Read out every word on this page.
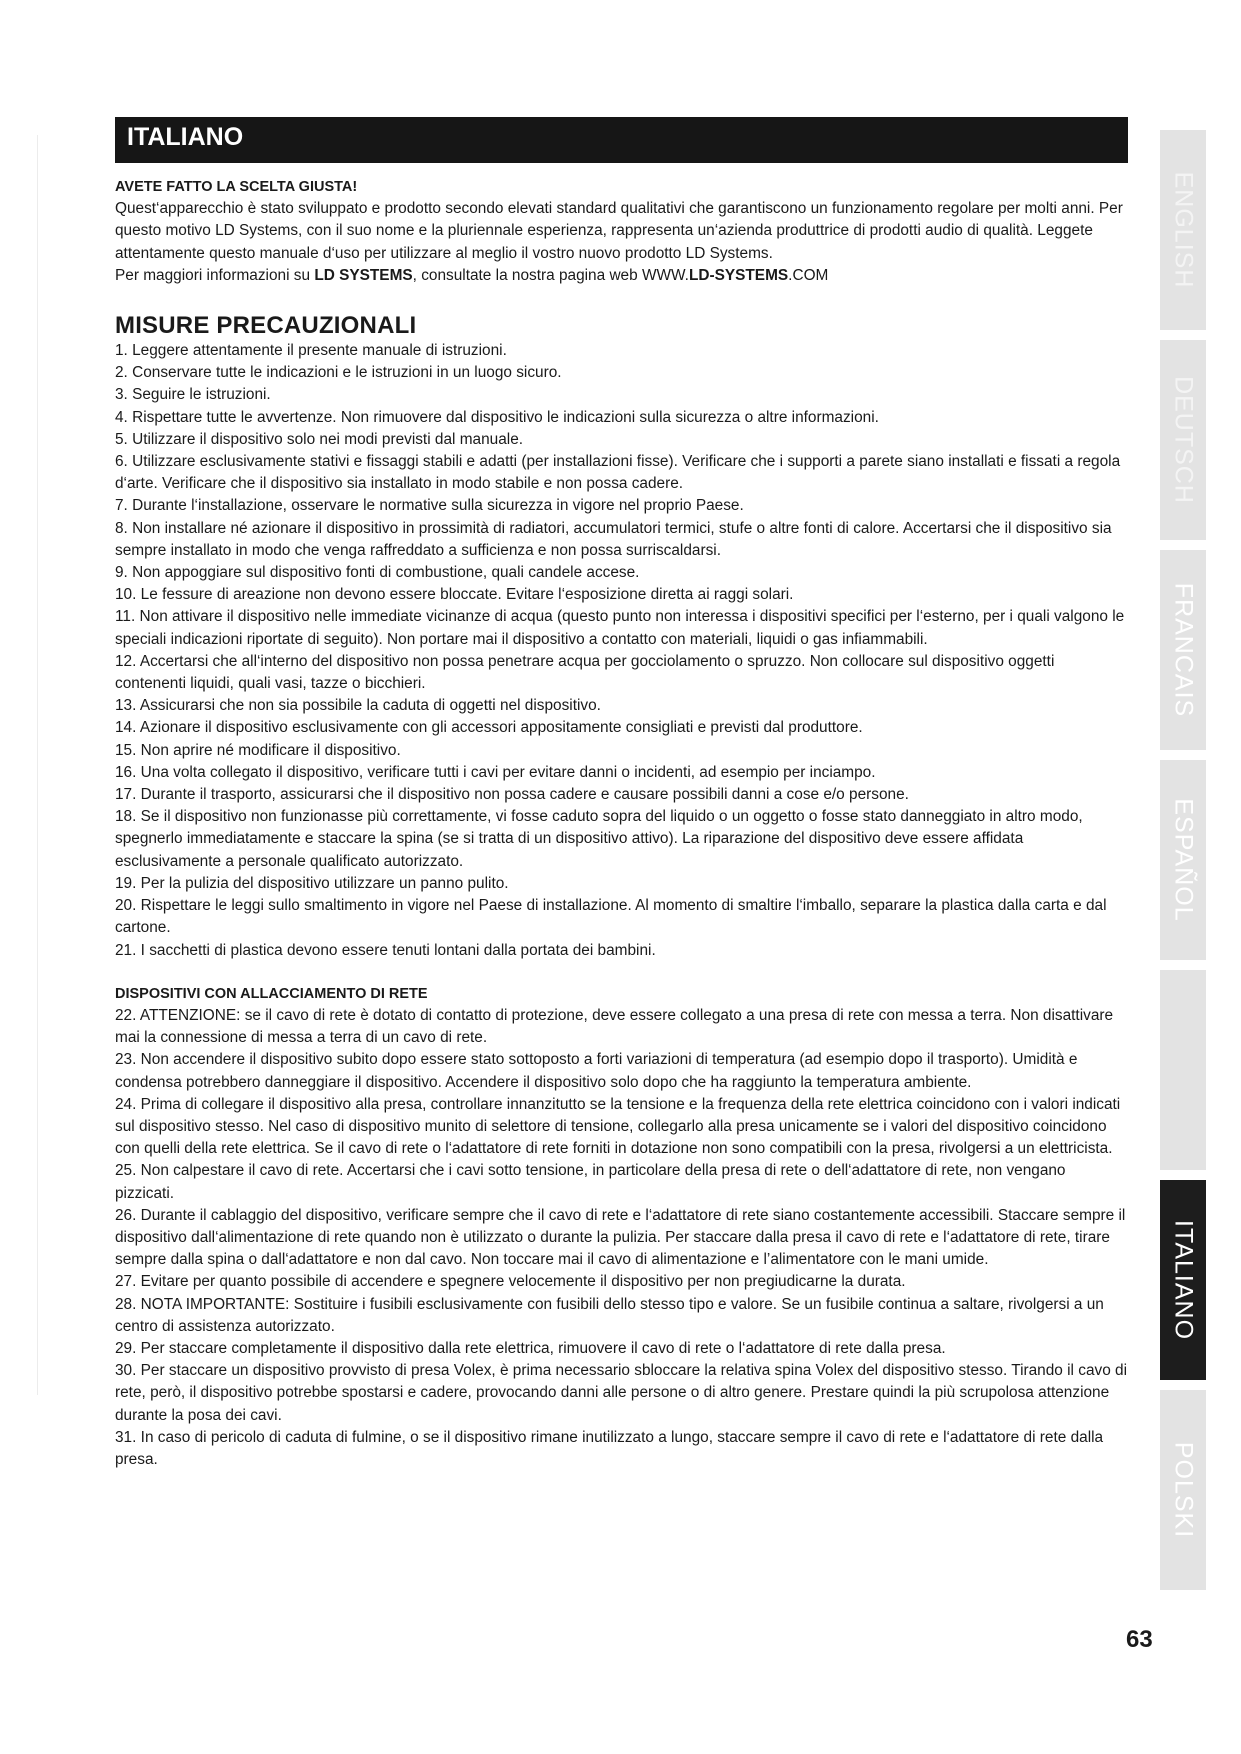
ITALIANO

AVETE FATTO LA SCELTA GIUSTA!

Quest‘apparecchio è stato sviluppato e prodotto secondo elevati standard qualitativi che garantiscono un funzionamento regolare per molti anni. Per questo motivo LD Systems, con il suo nome e la pluriennale esperienza, rappresenta un‘azienda produttrice di prodotti audio di qualità. Leggete attentamente questo manuale d‘uso per utilizzare al meglio il vostro nuovo prodotto LD Systems.

Per maggiori informazioni su LD SYSTEMS, consultate la nostra pagina web WWW.LD-SYSTEMS.COM

MISURE PRECAUZIONALI
1. Leggere attentamente il presente manuale di istruzioni.
2. Conservare tutte le indicazioni e le istruzioni in un luogo sicuro.
3. Seguire le istruzioni.
4. Rispettare tutte le avvertenze. Non rimuovere dal dispositivo le indicazioni sulla sicurezza o altre informazioni.
5. Utilizzare il dispositivo solo nei modi previsti dal manuale.
6. Utilizzare esclusivamente stativi e fissaggi stabili e adatti (per installazioni fisse). Verificare che i supporti a parete siano installati e fissati a regola d‘arte. Verificare che il dispositivo sia installato in modo stabile e non possa cadere.
7. Durante l‘installazione, osservare le normative sulla sicurezza in vigore nel proprio Paese.
8. Non installare né azionare il dispositivo in prossimità di radiatori, accumulatori termici, stufe o altre fonti di calore. Accertarsi che il dispositivo sia sempre installato in modo che venga raffreddato a sufficienza e non possa surriscaldarsi.
9. Non appoggiare sul dispositivo fonti di combustione, quali candele accese.
10. Le fessure di areazione non devono essere bloccate. Evitare l‘esposizione diretta ai raggi solari.
11. Non attivare il dispositivo nelle immediate vicinanze di acqua (questo punto non interessa i dispositivi specifici per l‘esterno, per i quali valgono le speciali indicazioni riportate di seguito). Non portare mai il dispositivo a contatto con materiali, liquidi o gas infiammabili.
12. Accertarsi che all‘interno del dispositivo non possa penetrare acqua per gocciolamento o spruzzo. Non collocare sul dispositivo oggetti contenenti liquidi, quali vasi, tazze o bicchieri.
13. Assicurarsi che non sia possibile la caduta di oggetti nel dispositivo.
14. Azionare il dispositivo esclusivamente con gli accessori appositamente consigliati e previsti dal produttore.
15. Non aprire né modificare il dispositivo.
16. Una volta collegato il dispositivo, verificare tutti i cavi per evitare danni o incidenti, ad esempio per inciampo.
17. Durante il trasporto, assicurarsi che il dispositivo non possa cadere e causare possibili danni a cose e/o persone.
18. Se il dispositivo non funzionasse più correttamente, vi fosse caduto sopra del liquido o un oggetto o fosse stato danneggiato in altro modo, spegnerlo immediatamente e staccare la spina (se si tratta di un dispositivo attivo). La riparazione del dispositivo deve essere affidata esclusivamente a personale qualificato autorizzato.
19. Per la pulizia del dispositivo utilizzare un panno pulito.
20. Rispettare le leggi sullo smaltimento in vigore nel Paese di installazione. Al momento di smaltire l‘imballo, separare la plastica dalla carta e dal cartone.
21. I sacchetti di plastica devono essere tenuti lontani dalla portata dei bambini.

DISPOSITIVI CON ALLACCIAMENTO DI RETE

22. ATTENZIONE: se il cavo di rete è dotato di contatto di protezione, deve essere collegato a una presa di rete con messa a terra. Non disattivare mai la connessione di messa a terra di un cavo di rete.
23. Non accendere il dispositivo subito dopo essere stato sottoposto a forti variazioni di temperatura (ad esempio dopo il trasporto). Umidità e condensa potrebbero danneggiare il dispositivo. Accendere il dispositivo solo dopo che ha raggiunto la temperatura ambiente.
24. Prima di collegare il dispositivo alla presa, controllare innanzitutto se la tensione e la frequenza della rete elettrica coincidono con i valori indicati sul dispositivo stesso. Nel caso di dispositivo munito di selettore di tensione, collegarlo alla presa unicamente se i valori del dispositivo coincidono con quelli della rete elettrica. Se il cavo di rete o l‘adattatore di rete forniti in dotazione non sono compatibili con la presa, rivolgersi a un elettricista.
25. Non calpestare il cavo di rete. Accertarsi che i cavi sotto tensione, in particolare della presa di rete o dell‘adattatore di rete, non vengano pizzicati.
26. Durante il cablaggio del dispositivo, verificare sempre che il cavo di rete e l‘adattatore di rete siano costantemente accessibili. Staccare sempre il dispositivo dall‘alimentazione di rete quando non è utilizzato o durante la pulizia. Per staccare dalla presa il cavo di rete e l‘adattatore di rete, tirare sempre dalla spina o dall‘adattatore e non dal cavo. Non toccare mai il cavo di alimentazione e l’alimentatore con le mani umide.
27. Evitare per quanto possibile di accendere e spegnere velocemente il dispositivo per non pregiudicarne la durata.
28. NOTA IMPORTANTE: Sostituire i fusibili esclusivamente con fusibili dello stesso tipo e valore. Se un fusibile continua a saltare, rivolgersi a un centro di assistenza autorizzato.
29. Per staccare completamente il dispositivo dalla rete elettrica, rimuovere il cavo di rete o l‘adattatore di rete dalla presa.
30. Per staccare un dispositivo provvisto di presa Volex, è prima necessario sbloccare la relativa spina Volex del dispositivo stesso. Tirando il cavo di rete, però, il dispositivo potrebbe spostarsi e cadere, provocando danni alle persone o di altro genere. Prestare quindi la più scrupolosa attenzione durante la posa dei cavi.
31. In caso di pericolo di caduta di fulmine, o se il dispositivo rimane inutilizzato a lungo, staccare sempre il cavo di rete e l‘adattatore di rete dalla presa.
ENGLISH
DEUTSCH
FRANCAIS
ESPAÑOL
ITALIANO
POLSKI
63
